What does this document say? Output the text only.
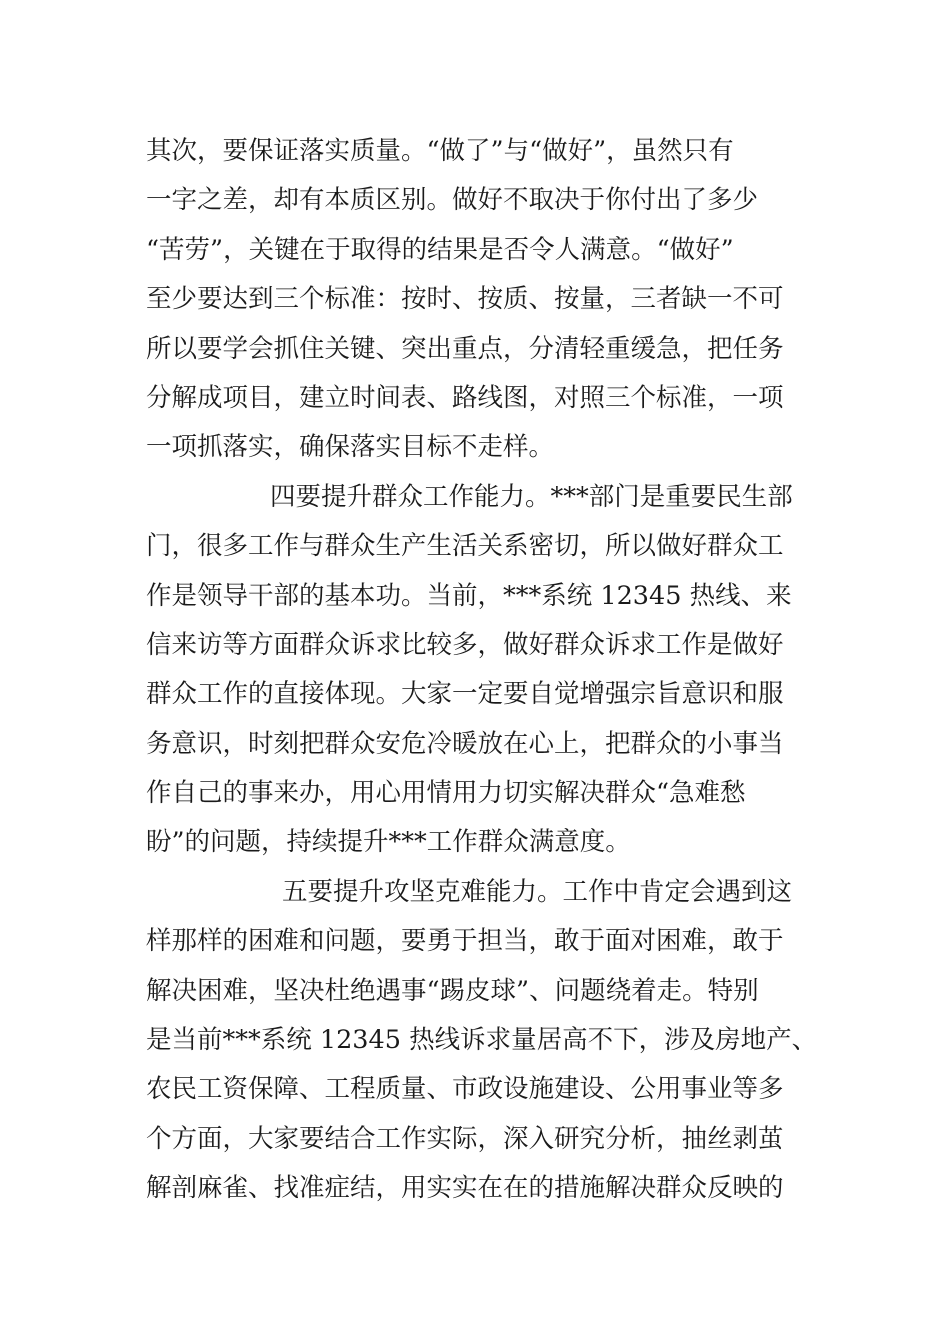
其次，要保证落实质量。“做了”与“做好”，虽然只有
一字之差，却有本质区别。做好不取决于你付出了多少
“苦劳”，关键在于取得的结果是否令人满意。“做好”
至少要达到三个标准：按时、按质、按量，三者缺一不可
所以要学会抓住关键、突出重点，分清轻重缓急，把任务
分解成项目，建立时间表、路线图，对照三个标准，一项
一项抓落实，确保落实目标不走样。
四要提升群众工作能力。***部门是重要民生部
门，很多工作与群众生产生活关系密切，所以做好群众工
作是领导干部的基本功。当前，***系统 12345 热线、来
信来访等方面群众诉求比较多，做好群众诉求工作是做好
群众工作的直接体现。大家一定要自觉增强宗旨意识和服
务意识，时刻把群众安危冷暖放在心上，把群众的小事当
作自己的事来办，用心用情用力切实解决群众“急难愁
盼”的问题，持续提升***工作群众满意度。
五要提升攻坚克难能力。工作中肯定会遇到这
样那样的困难和问题，要勇于担当，敢于面对困难，敢于
解决困难，坚决杜绝遇事“踢皮球”、问题绕着走。特别
是当前***系统 12345 热线诉求量居高不下，涉及房地产、
农民工资保障、工程质量、市政设施建设、公用事业等多
个方面，大家要结合工作实际，深入研究分析，抽丝剥茧
解剖麻雀、找准症结，用实实在在的措施解决群众反映的
